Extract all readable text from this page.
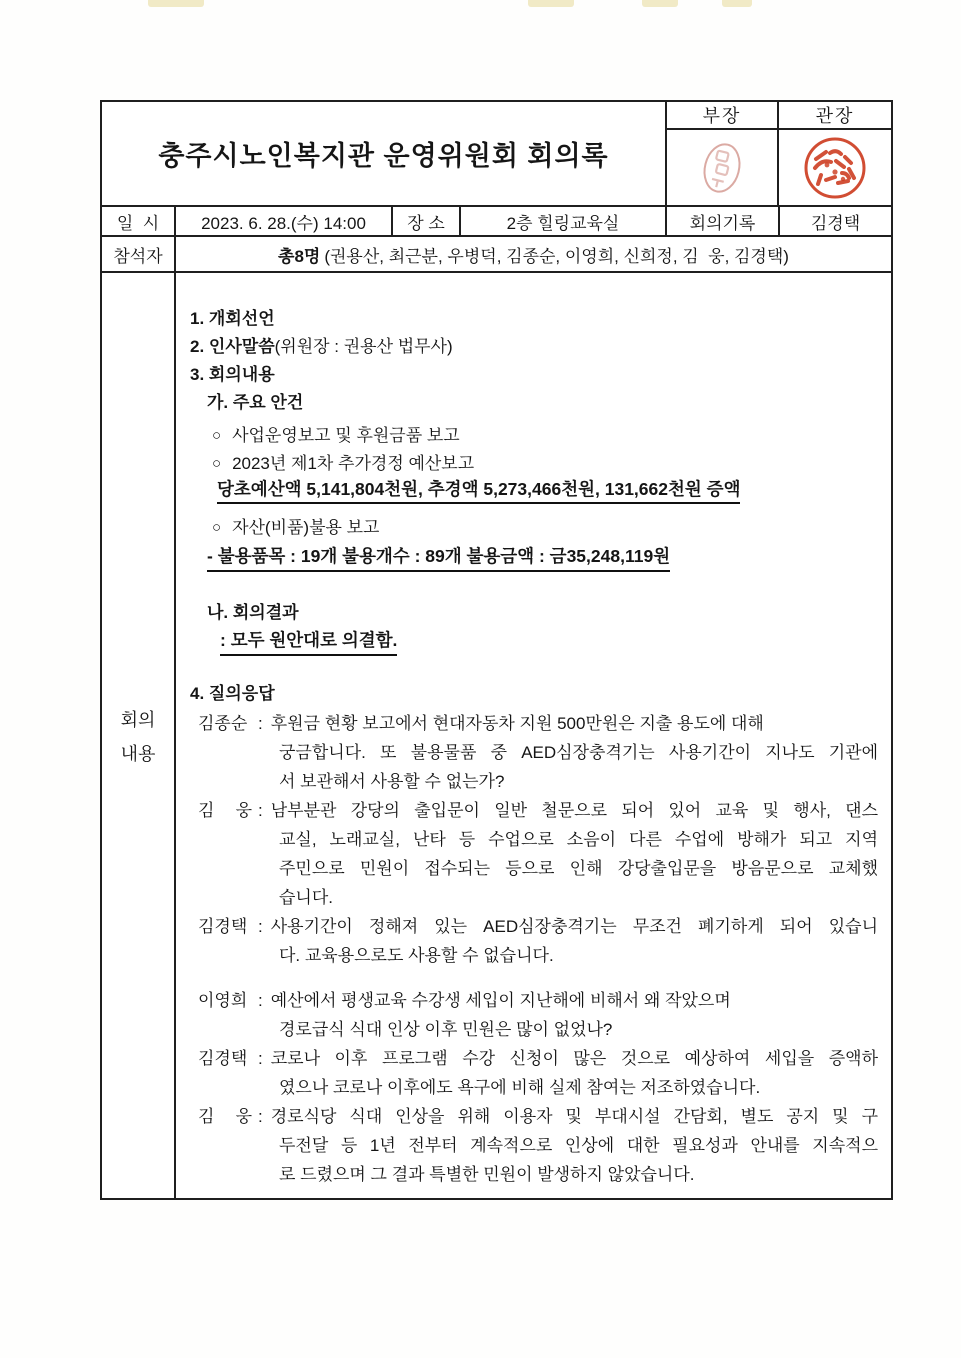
충주시노인복지관 운영위원회 회의록
부장	관장
일  시	2023. 6. 28.(수) 14:00	장 소	2층 힐링교육실	회의기록	김경택
참석자	총8명 (권용산, 최근분, 우병덕, 김종순, 이영희, 신희정, 김  웅, 김경택)
회의
내용
1. 개회선언
2. 인사말씀(위원장 : 권용산 법무사)
3. 회의내용
가. 주요 안건
○ 사업운영보고 및 후원금품 보고
○ 2023년 제1차 추가경정 예산보고
당초예산액 5,141,804천원, 추경액 5,273,466천원, 131,662천원 증액
○ 자산(비품)불용 보고
- 불용품목 : 19개 불용개수 : 89개 불용금액 : 금35,248,119원
나. 회의결과
: 모두 원안대로 의결함.
4. 질의응답
김종순 : 후원금 현황 보고에서 현대자동차 지원 500만원은 지출 용도에 대해
궁금합니다. 또 불용물품 중 AED심장충격기는 사용기간이 지나도 기관에
서 보관해서 사용할 수 없는가?
김 웅 : 남부분관 강당의 출입문이 일반 철문으로 되어 있어 교육 및 행사, 댄스
교실, 노래교실, 난타 등 수업으로 소음이 다른 수업에 방해가 되고 지역
주민으로 민원이 접수되는 등으로 인해 강당출입문을 방음문으로 교체했
습니다.
김경택 : 사용기간이 정해져 있는 AED심장충격기는 무조건 폐기하게 되어 있습니
다. 교육용으로도 사용할 수 없습니다.
이영희 : 예산에서 평생교육 수강생 세입이 지난해에 비해서 왜 작았으며
경로급식 식대 인상 이후 민원은 많이 없었나?
김경택 : 코로나 이후 프로그램 수강 신청이 많은 것으로 예상하여 세입을 증액하
였으나 코로나 이후에도 욕구에 비해 실제 참여는 저조하였습니다.
김 웅 : 경로식당 식대 인상을 위해 이용자 및 부대시설 간담회, 별도 공지 및 구
두전달 등 1년 전부터 계속적으로 인상에 대한 필요성과 안내를 지속적으
로 드렸으며 그 결과 특별한 민원이 발생하지 않았습니다.
